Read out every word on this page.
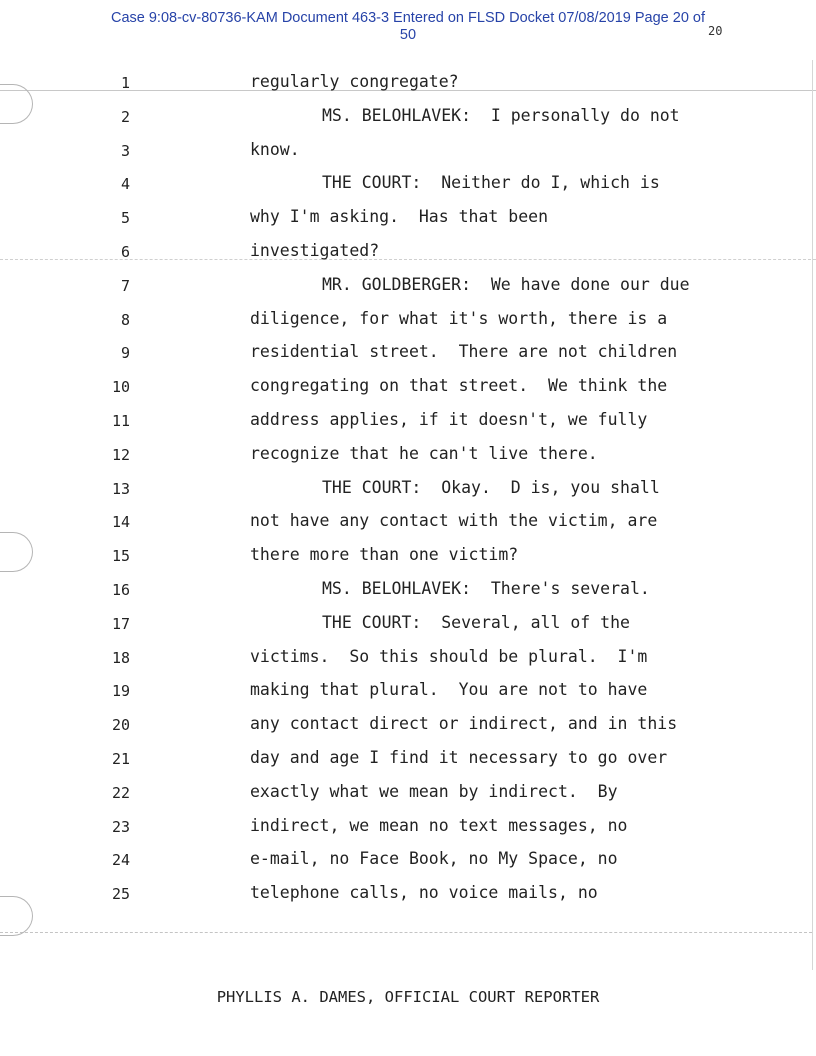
Case 9:08-cv-80736-KAM Document 463-3 Entered on FLSD Docket 07/08/2019 Page 20 of
50	20
1	regularly congregate?
2	MS. BELOHLAVEK:  I personally do not
3	know.
4	THE COURT:  Neither do I, which is
5	why I'm asking.  Has that been
6	investigated?
7	MR. GOLDBERGER:  We have done our due
8	diligence, for what it's worth, there is a
9	residential street.  There are not children
10	congregating on that street.  We think the
11	address applies, if it doesn't, we fully
12	recognize that he can't live there.
13	THE COURT:  Okay.  D is, you shall
14	not have any contact with the victim, are
15	there more than one victim?
16	MS. BELOHLAVEK:  There's several.
17	THE COURT:  Several, all of the
18	victims.  So this should be plural.  I'm
19	making that plural.  You are not to have
20	any contact direct or indirect, and in this
21	day and age I find it necessary to go over
22	exactly what we mean by indirect.  By
23	indirect, we mean no text messages, no
24	e-mail, no Face Book, no My Space, no
25	telephone calls, no voice mails, no
PHYLLIS A. DAMES, OFFICIAL COURT REPORTER
